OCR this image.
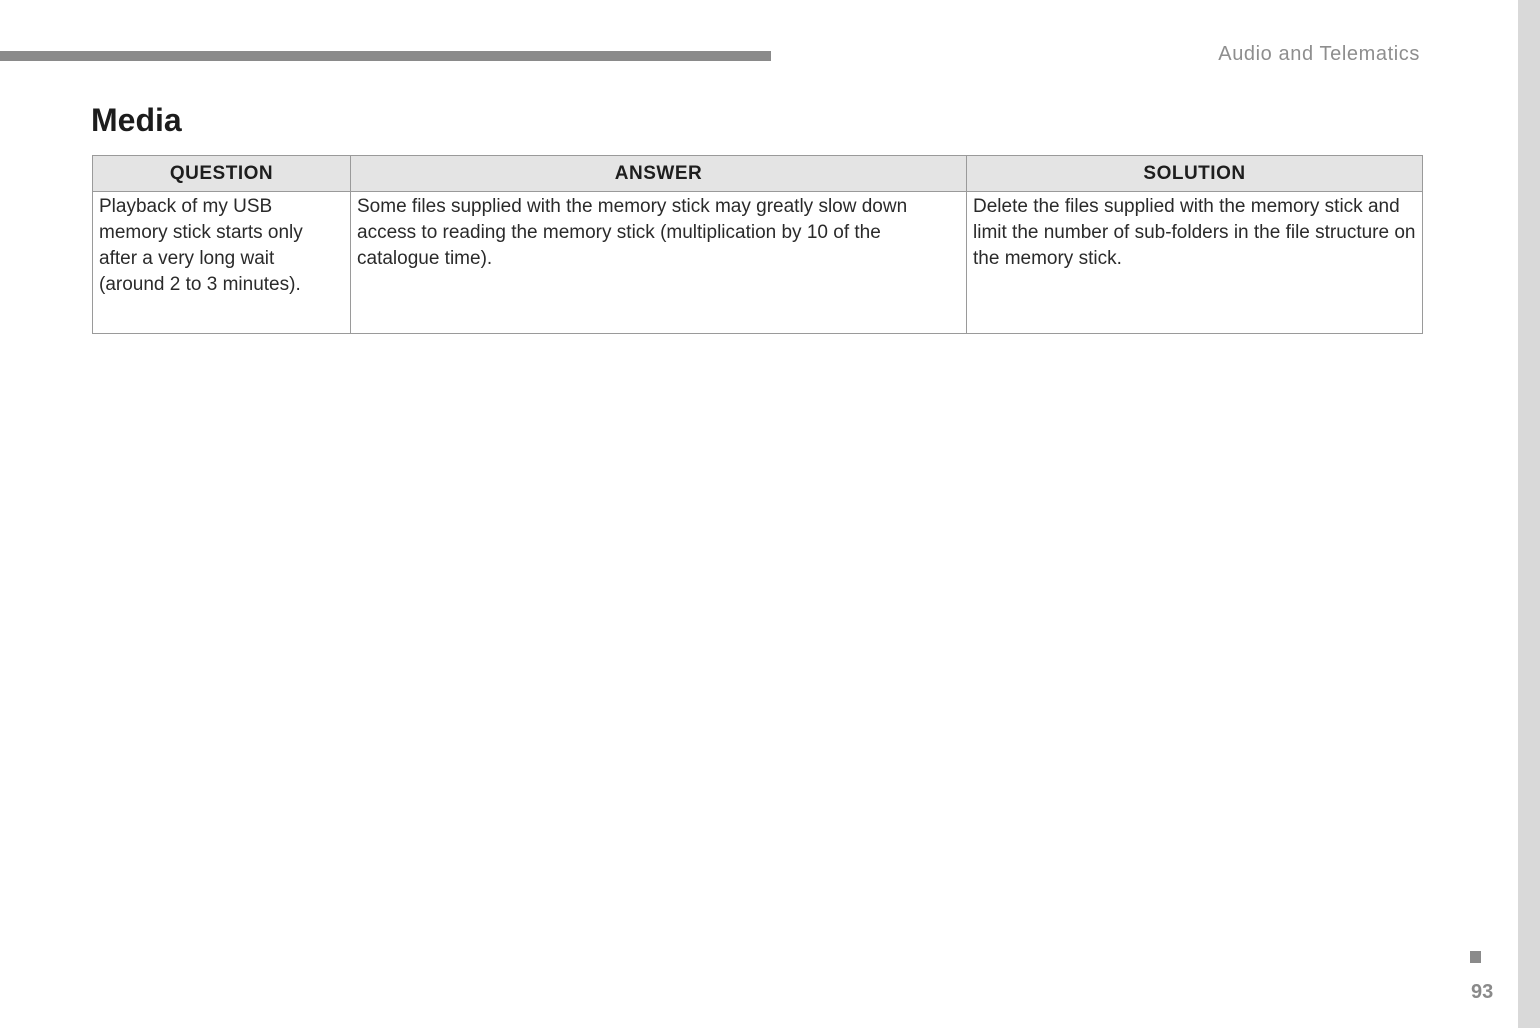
Audio and Telematics
Media
QUESTION	ANSWER	SOLUTION
Playback of my USB memory stick starts only after a very long wait (around 2 to 3 minutes).	Some files supplied with the memory stick may greatly slow down access to reading the memory stick (multiplication by 10 of the catalogue time).	Delete the files supplied with the memory stick and limit the number of sub-folders in the file structure on the memory stick.
93
